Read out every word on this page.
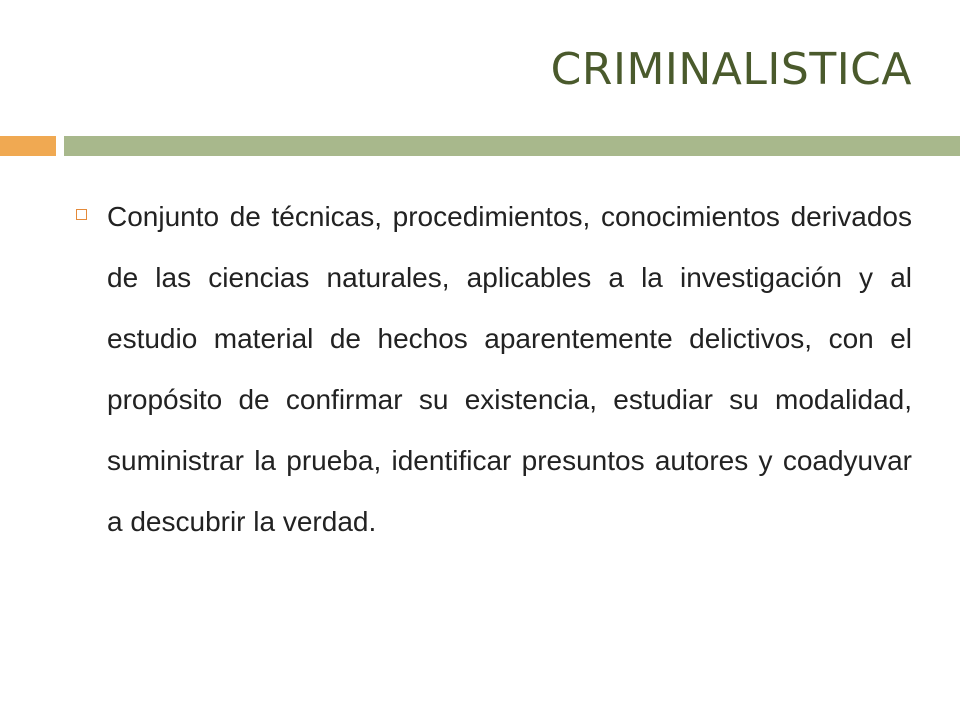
CRIMINALISTICA

Conjunto de técnicas, procedimientos, conocimientos derivados de las ciencias naturales, aplicables a la investigación y al estudio material de hechos aparentemente delictivos, con el propósito de confirmar su existencia, estudiar su modalidad, suministrar la prueba, identificar presuntos autores y coadyuvar a descubrir la verdad.
